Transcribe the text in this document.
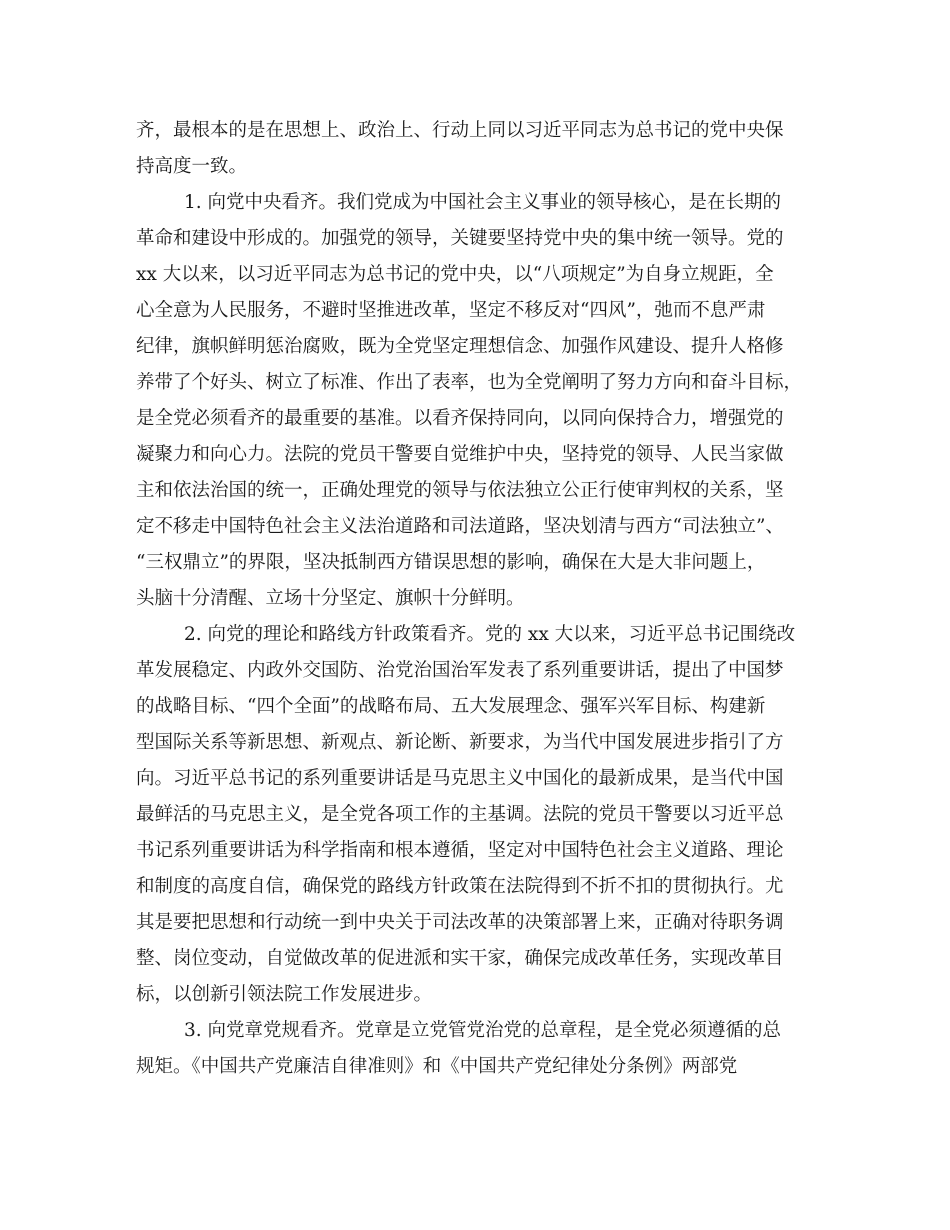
齐，最根本的是在思想上、政治上、行动上同以习近平同志为总书记的党中央保
持高度一致。
1. 向党中央看齐。我们党成为中国社会主义事业的领导核心，是在长期的
革命和建设中形成的。加强党的领导，关键要坚持党中央的集中统一领导。党的
xx 大以来，以习近平同志为总书记的党中央，以“八项规定”为自身立规距，全
心全意为人民服务，不避时坚推进改革，坚定不移反对“四风”，弛而不息严肃
纪律，旗帜鲜明惩治腐败，既为全党坚定理想信念、加强作风建设、提升人格修
养带了个好头、树立了标准、作出了表率，也为全党阐明了努力方向和奋斗目标，
是全党必须看齐的最重要的基准。以看齐保持同向，以同向保持合力，增强党的
凝聚力和向心力。法院的党员干警要自觉维护中央，坚持党的领导、人民当家做
主和依法治国的统一，正确处理党的领导与依法独立公正行使审判权的关系，坚
定不移走中国特色社会主义法治道路和司法道路，坚决划清与西方“司法独立”、
“三权鼎立”的界限，坚决抵制西方错误思想的影响，确保在大是大非问题上，
头脑十分清醒、立场十分坚定、旗帜十分鲜明。
2. 向党的理论和路线方针政策看齐。党的 xx 大以来，习近平总书记围绕改
革发展稳定、内政外交国防、治党治国治军发表了系列重要讲话，提出了中国梦
的战略目标、“四个全面”的战略布局、五大发展理念、强军兴军目标、构建新
型国际关系等新思想、新观点、新论断、新要求，为当代中国发展进步指引了方
向。习近平总书记的系列重要讲话是马克思主义中国化的最新成果，是当代中国
最鲜活的马克思主义，是全党各项工作的主基调。法院的党员干警要以习近平总
书记系列重要讲话为科学指南和根本遵循，坚定对中国特色社会主义道路、理论
和制度的高度自信，确保党的路线方针政策在法院得到不折不扣的贯彻执行。尤
其是要把思想和行动统一到中央关于司法改革的决策部署上来，正确对待职务调
整、岗位变动，自觉做改革的促进派和实干家，确保完成改革任务，实现改革目
标，以创新引领法院工作发展进步。
3. 向党章党规看齐。党章是立党管党治党的总章程，是全党必须遵循的总
规矩。《中国共产党廉洁自律准则》和《中国共产党纪律处分条例》两部党
